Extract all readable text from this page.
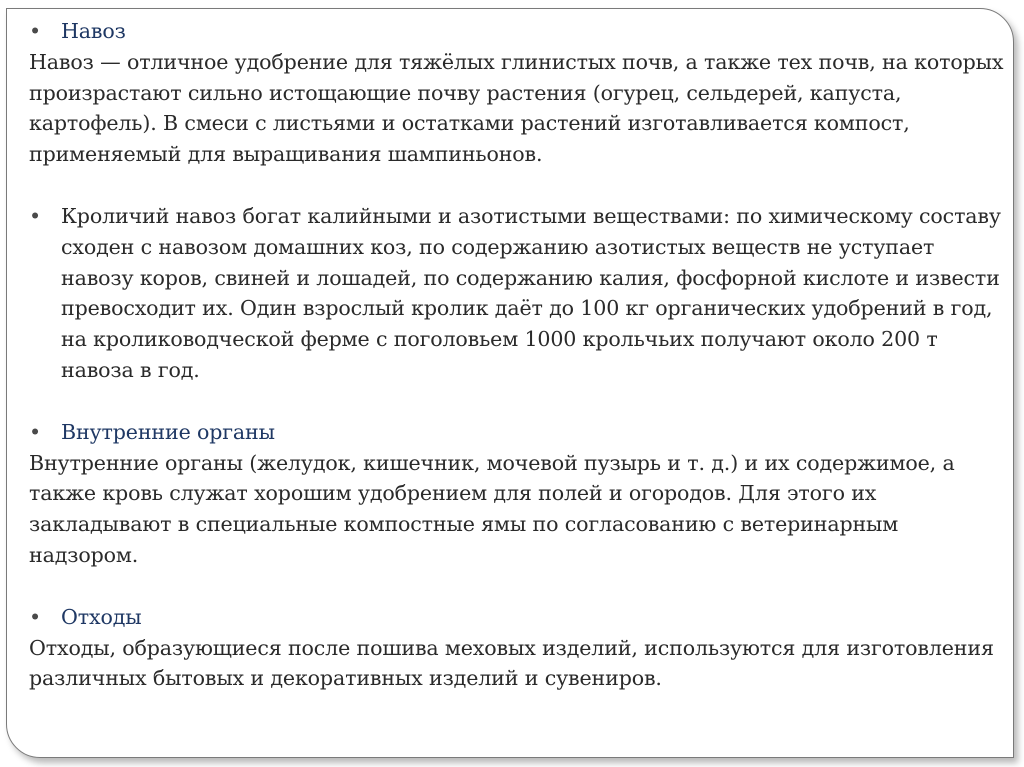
• Навоз

Навоз — отличное удобрение для тяжёлых глинистых почв, а также тех почв, на которых произрастают сильно истощающие почву растения (огурец, сельдерей, капуста, картофель). В смеси с листьями и остатками растений изготавливается компост, применяемый для выращивания шампиньонов.

• Кроличий навоз богат калийными и азотистыми веществами: по химическому составу сходен с навозом домашних коз, по содержанию азотистых веществ не уступает навозу коров, свиней и лошадей, по содержанию калия, фосфорной кислоте и извести превосходит их. Один взрослый кролик даёт до 100 кг органических удобрений в год, на кролиководческой ферме с поголовьем 1000 крольчьих получают около 200 т навоза в год.

• Внутренние органы

Внутренние органы (желудок, кишечник, мочевой пузырь и т. д.) и их содержимое, а также кровь служат хорошим удобрением для полей и огородов. Для этого их закладывают в специальные компостные ямы по согласованию с ветеринарным надзором.

• Отходы

Отходы, образующиеся после пошива меховых изделий, используются для изготовления различных бытовых и декоративных изделий и сувениров.
